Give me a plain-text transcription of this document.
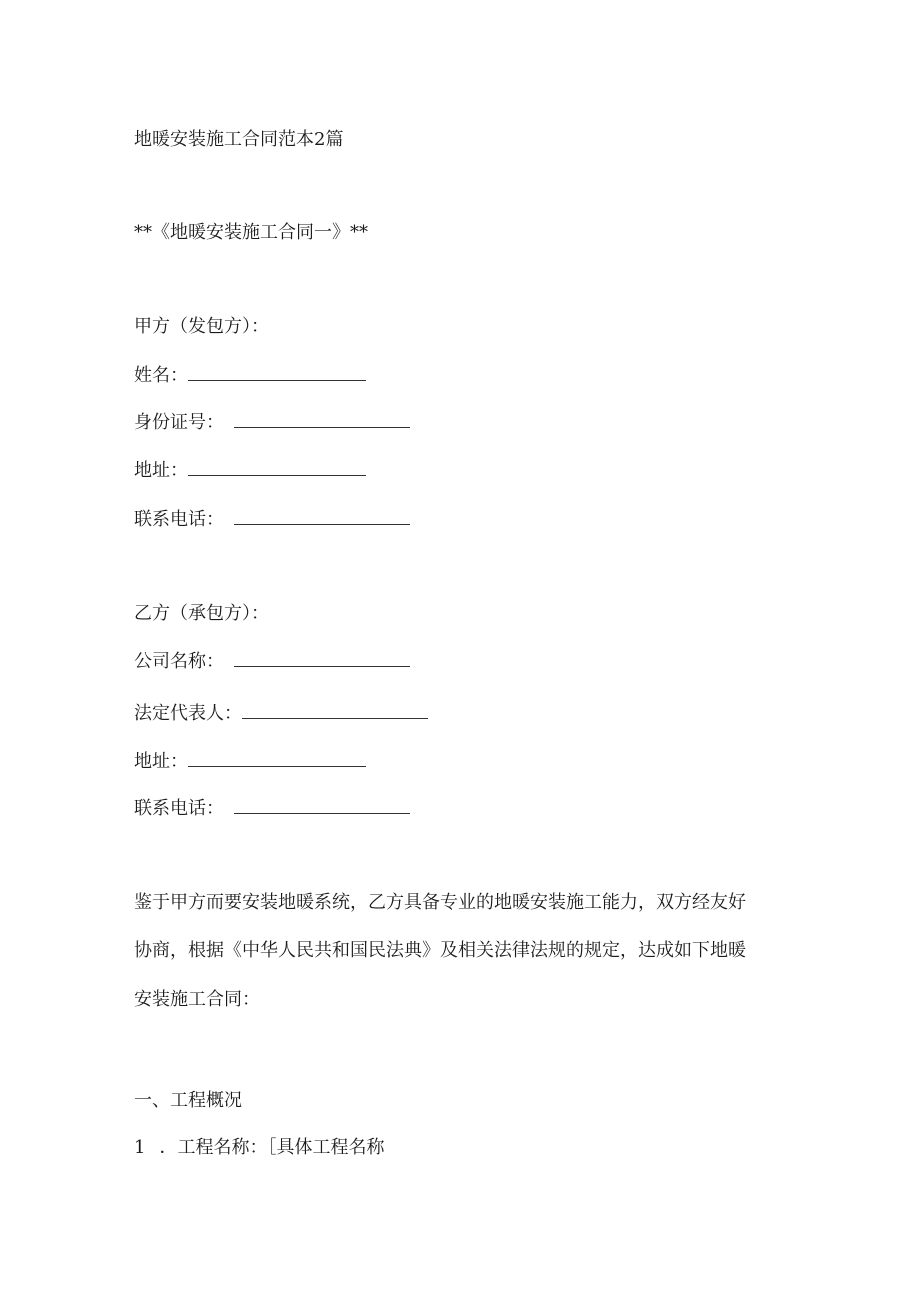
地暖安装施工合同范本2篇
**《地暖安装施工合同一》**
甲方（发包方）：
姓名：
身份证号：
地址：
联系电话：
乙方（承包方）：
公司名称：
法定代表人：
地址：
联系电话：
鉴于甲方而要安装地暖系统，乙方具备专业的地暖安装施工能力，双方经友好
协商，根据《中华人民共和国民法典》及相关法律法规的规定，达成如下地暖
安装施工合同：
一、工程概况
1 ．工程名称：［具体工程名称
